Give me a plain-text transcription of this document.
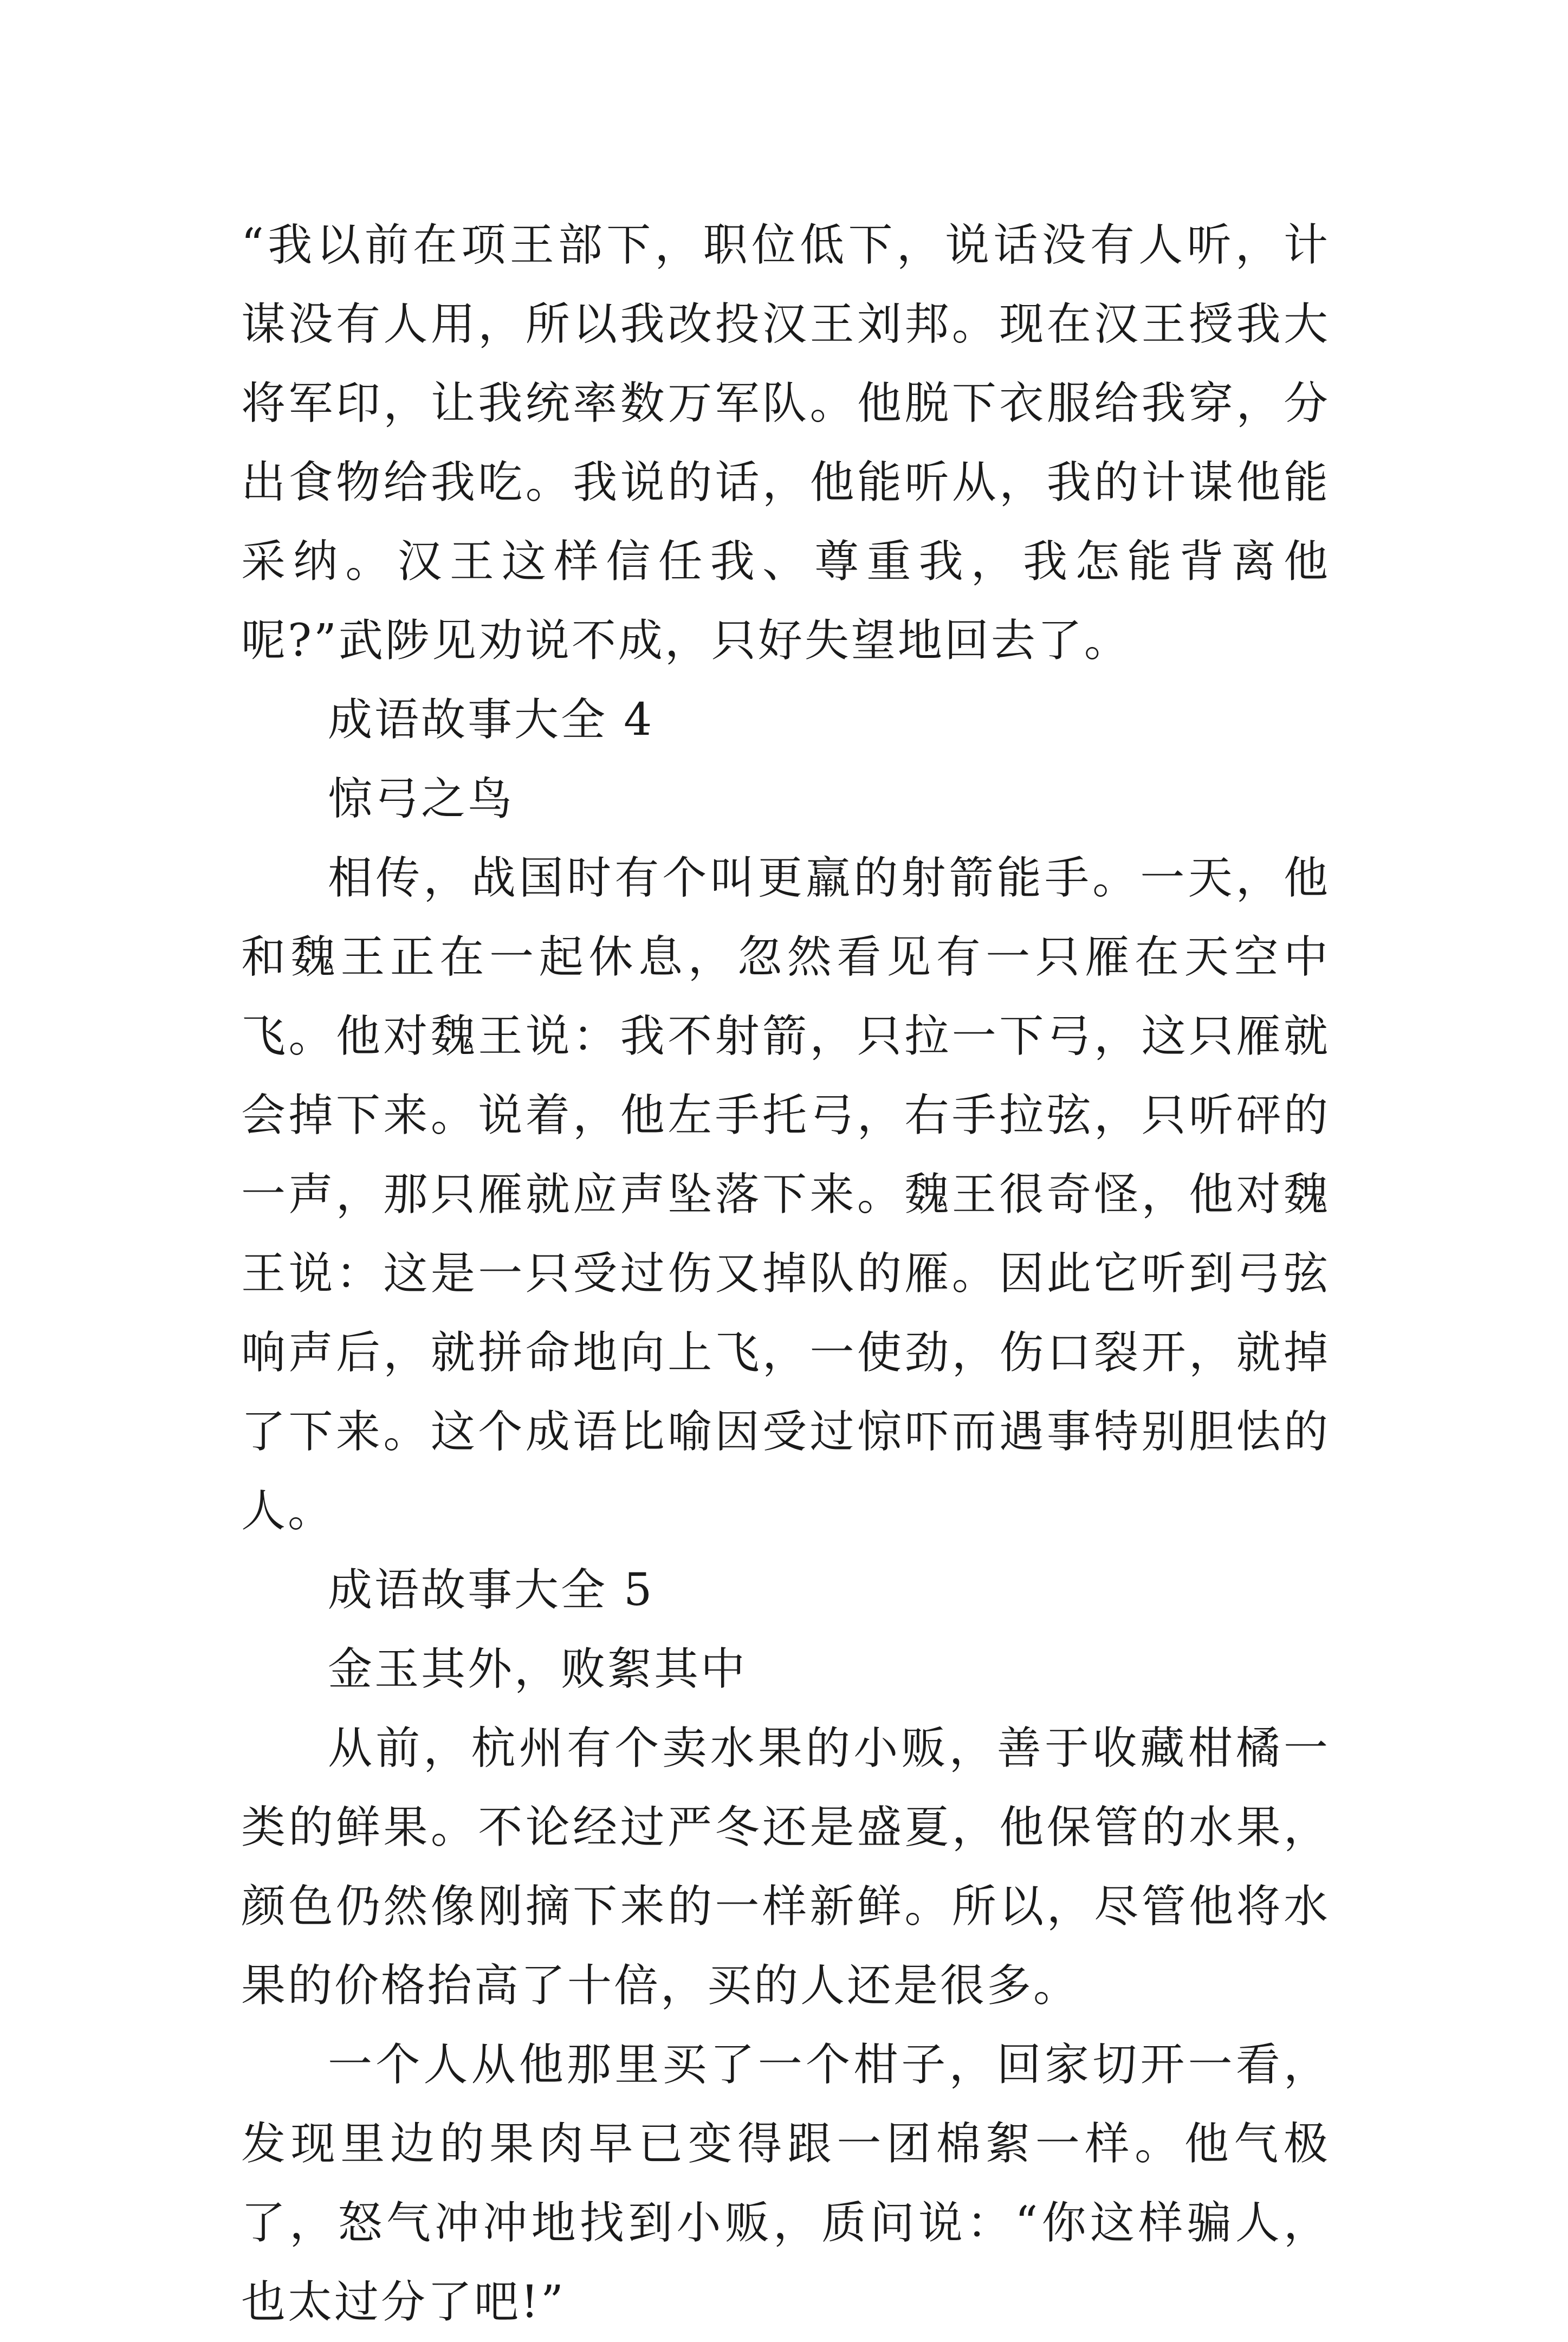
“我以前在项王部下，职位低下，说话没有人听，计谋没有人用，所以我改投汉王刘邦。现在汉王授我大将军印，让我统率数万军队。他脱下衣服给我穿，分出食物给我吃。我说的话，他能听从，我的计谋他能采纳。汉王这样信任我、尊重我，我怎能背离他呢?”武陟见劝说不成，只好失望地回去了。

成语故事大全 4

惊弓之鸟

相传，战国时有个叫更羸的射箭能手。一天，他和魏王正在一起休息，忽然看见有一只雁在天空中飞。他对魏王说：我不射箭，只拉一下弓，这只雁就会掉下来。说着，他左手托弓，右手拉弦，只听砰的一声，那只雁就应声坠落下来。魏王很奇怪，他对魏王说：这是一只受过伤又掉队的雁。因此它听到弓弦响声后，就拼命地向上飞，一使劲，伤口裂开，就掉了下来。这个成语比喻因受过惊吓而遇事特别胆怯的人。

成语故事大全 5

金玉其外，败絮其中

从前，杭州有个卖水果的小贩，善于收藏柑橘一类的鲜果。不论经过严冬还是盛夏，他保管的水果，颜色仍然像刚摘下来的一样新鲜。所以，尽管他将水果的价格抬高了十倍，买的人还是很多。

一个人从他那里买了一个柑子，回家切开一看，发现里边的果肉早已变得跟一团棉絮一样。他气极了，怒气冲冲地找到小贩，质问说：“你这样骗人，也太过分了吧!”
